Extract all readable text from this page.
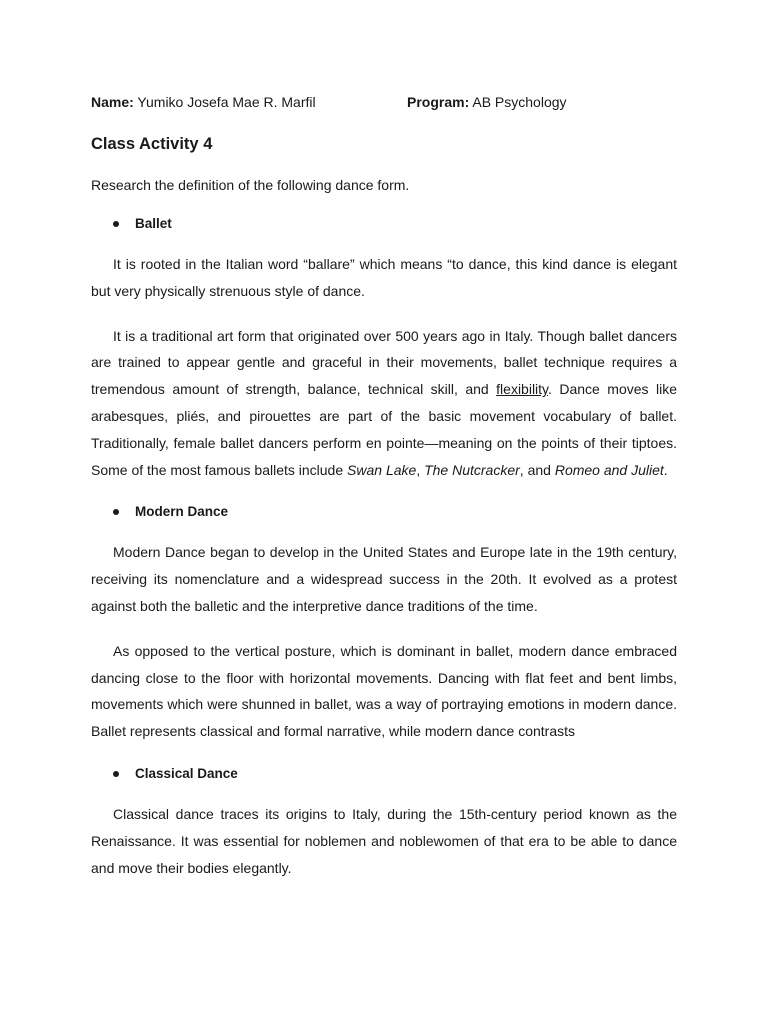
Name: Yumiko Josefa Mae R. Marfil	Program: AB Psychology
Class Activity 4
Research the definition of the following dance form.
Ballet

It is rooted in the Italian word “ballare” which means “to dance, this kind dance is elegant but very physically strenuous style of dance.

It is a traditional art form that originated over 500 years ago in Italy. Though ballet dancers are trained to appear gentle and graceful in their movements, ballet technique requires a tremendous amount of strength, balance, technical skill, and flexibility. Dance moves like arabesques, pliés, and pirouettes are part of the basic movement vocabulary of ballet. Traditionally, female ballet dancers perform en pointe—meaning on the points of their tiptoes. Some of the most famous ballets include Swan Lake, The Nutcracker, and Romeo and Juliet.

Modern Dance

Modern Dance began to develop in the United States and Europe late in the 19th century, receiving its nomenclature and a widespread success in the 20th. It evolved as a protest against both the balletic and the interpretive dance traditions of the time.

As opposed to the vertical posture, which is dominant in ballet, modern dance embraced dancing close to the floor with horizontal movements. Dancing with flat feet and bent limbs, movements which were shunned in ballet, was a way of portraying emotions in modern dance. Ballet represents classical and formal narrative, while modern dance contrasts

Classical Dance

Classical dance traces its origins to Italy, during the 15th-century period known as the Renaissance. It was essential for noblemen and noblewomen of that era to be able to dance and move their bodies elegantly.
